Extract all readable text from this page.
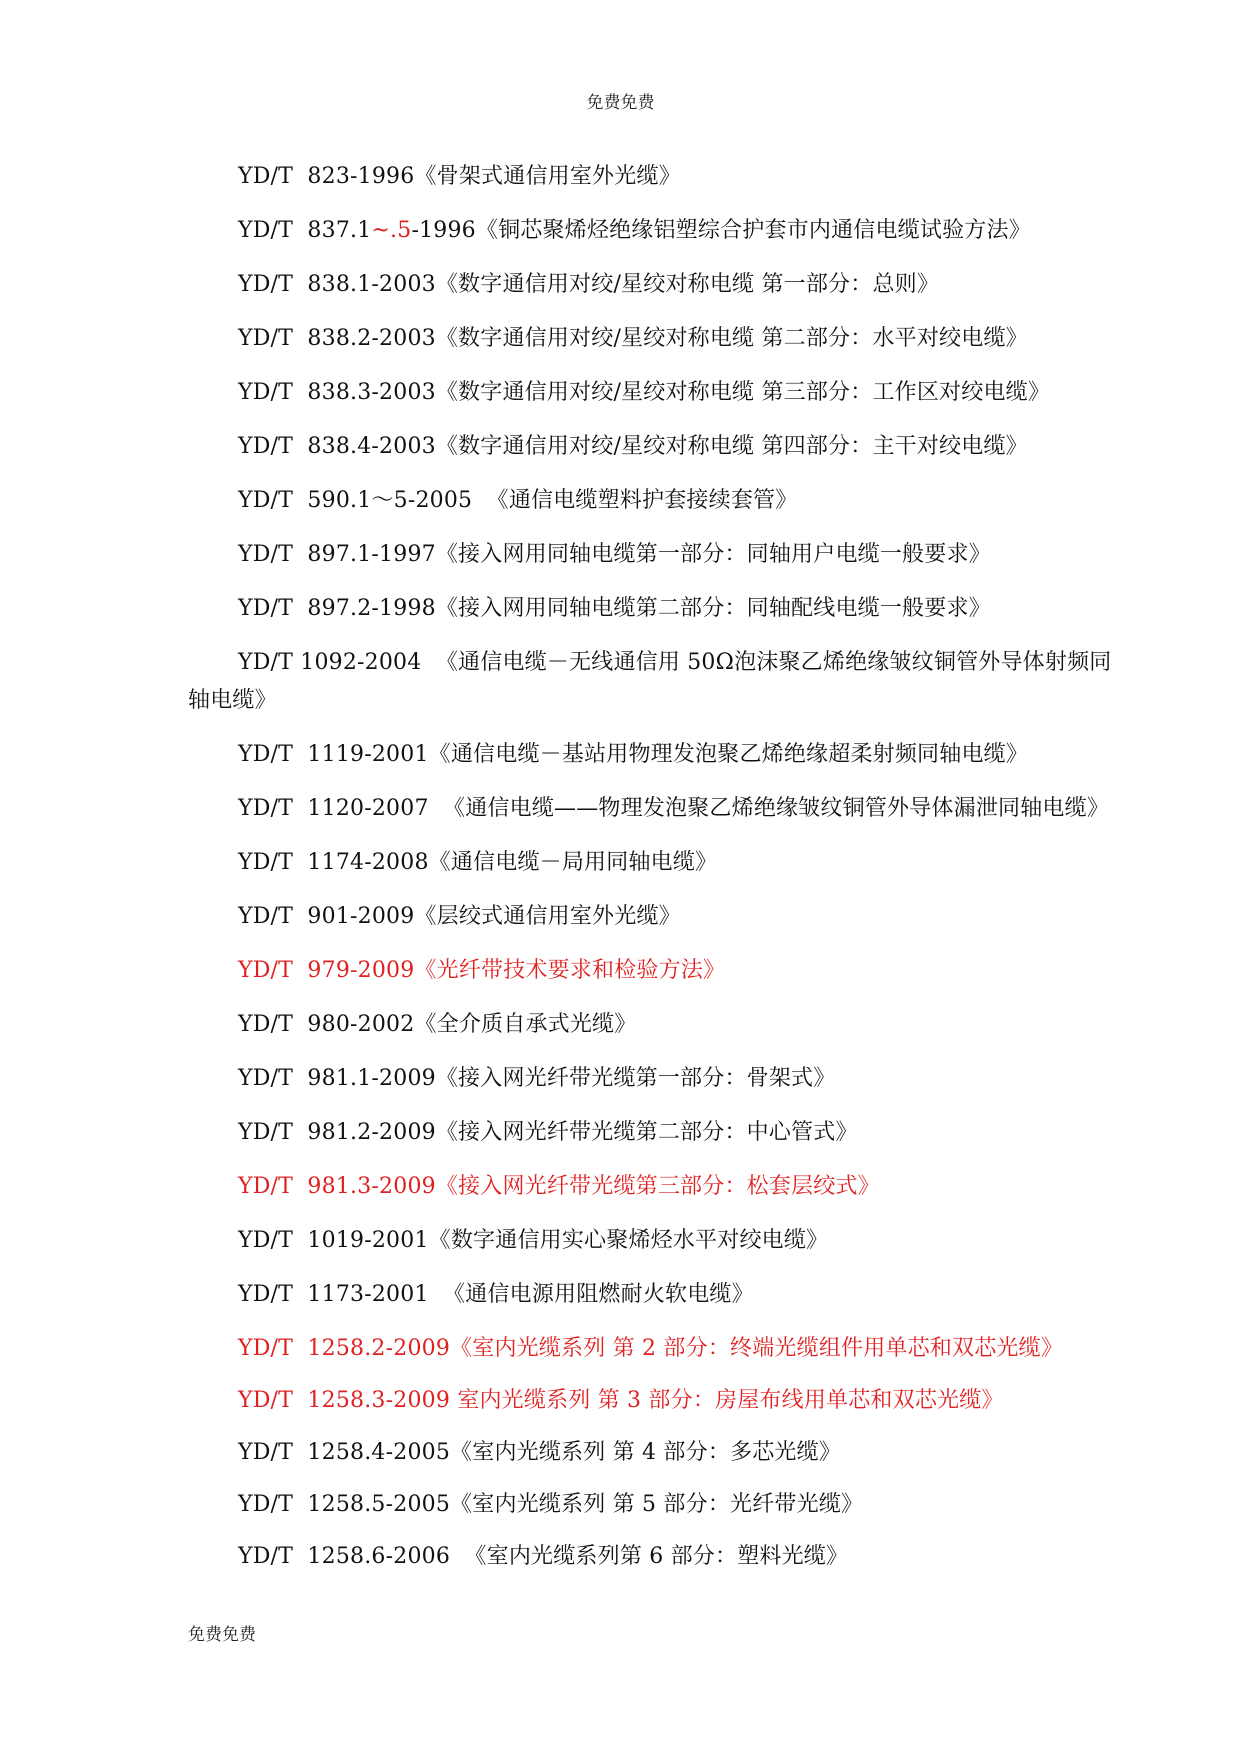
免费免费

YD/T  823-1996《骨架式通信用室外光缆》

YD/T  837.1~.5-1996《铜芯聚烯烃绝缘铝塑综合护套市内通信电缆试验方法》

YD/T  838.1-2003《数字通信用对绞/星绞对称电缆 第一部分：总则》

YD/T  838.2-2003《数字通信用对绞/星绞对称电缆 第二部分：水平对绞电缆》

YD/T  838.3-2003《数字通信用对绞/星绞对称电缆 第三部分：工作区对绞电缆》

YD/T  838.4-2003《数字通信用对绞/星绞对称电缆 第四部分：主干对绞电缆》

YD/T  590.1～5-2005  《通信电缆塑料护套接续套管》

YD/T  897.1-1997《接入网用同轴电缆第一部分：同轴用户电缆一般要求》

YD/T  897.2-1998《接入网用同轴电缆第二部分：同轴配线电缆一般要求》

YD/T 1092-2004  《通信电缆－无线通信用 50Ω泡沫聚乙烯绝缘皱纹铜管外导体射频同轴电缆》

YD/T  1119-2001《通信电缆－基站用物理发泡聚乙烯绝缘超柔射频同轴电缆》

YD/T  1120-2007  《通信电缆——物理发泡聚乙烯绝缘皱纹铜管外导体漏泄同轴电缆》

YD/T  1174-2008《通信电缆－局用同轴电缆》

YD/T  901-2009《层绞式通信用室外光缆》

YD/T  979-2009《光纤带技术要求和检验方法》

YD/T  980-2002《全介质自承式光缆》

YD/T  981.1-2009《接入网光纤带光缆第一部分：骨架式》

YD/T  981.2-2009《接入网光纤带光缆第二部分：中心管式》

YD/T  981.3-2009《接入网光纤带光缆第三部分：松套层绞式》

YD/T  1019-2001《数字通信用实心聚烯烃水平对绞电缆》

YD/T  1173-2001  《通信电源用阻燃耐火软电缆》

YD/T  1258.2-2009《室内光缆系列 第 2 部分：终端光缆组件用单芯和双芯光缆》

YD/T  1258.3-2009 室内光缆系列 第 3 部分：房屋布线用单芯和双芯光缆》

YD/T  1258.4-2005《室内光缆系列 第 4 部分：多芯光缆》

YD/T  1258.5-2005《室内光缆系列 第 5 部分：光纤带光缆》

YD/T  1258.6-2006  《室内光缆系列第 6 部分：塑料光缆》

免费免费
